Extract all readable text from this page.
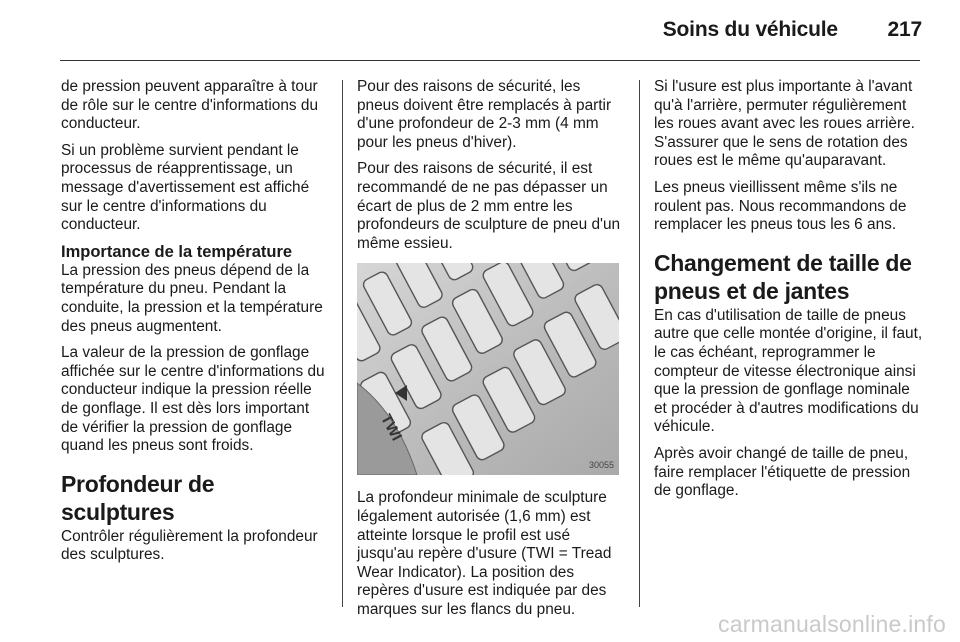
Soins du véhicule 217

de pression peuvent apparaître à tour de rôle sur le centre d'informations du conducteur.

Si un problème survient pendant le processus de réapprentissage, un message d'avertissement est affiché sur le centre d'informations du conducteur.

Importance de la température

La pression des pneus dépend de la température du pneu. Pendant la conduite, la pression et la température des pneus augmentent.

La valeur de la pression de gonflage affichée sur le centre d'informations du conducteur indique la pression réelle de gonflage. Il est dès lors important de vérifier la pression de gonflage quand les pneus sont froids.

Profondeur de sculptures

Contrôler régulièrement la profondeur des sculptures.

Pour des raisons de sécurité, les pneus doivent être remplacés à partir d'une profondeur de 2-3 mm (4 mm pour les pneus d'hiver).

Pour des raisons de sécurité, il est recommandé de ne pas dépasser un écart de plus de 2 mm entre les profondeurs de sculpture de pneu d'un même essieu.

TWI
30055

La profondeur minimale de sculpture légalement autorisée (1,6 mm) est atteinte lorsque le profil est usé jusqu'au repère d'usure (TWI = Tread Wear Indicator). La position des repères d'usure est indiquée par des marques sur les flancs du pneu.

Si l'usure est plus importante à l'avant qu'à l'arrière, permuter régulièrement les roues avant avec les roues arrière. S'assurer que le sens de rotation des roues est le même qu'auparavant.

Les pneus vieillissent même s'ils ne roulent pas. Nous recommandons de remplacer les pneus tous les 6 ans.

Changement de taille de pneus et de jantes

En cas d'utilisation de taille de pneus autre que celle montée d'origine, il faut, le cas échéant, reprogrammer le compteur de vitesse électronique ainsi que la pression de gonflage nominale et procéder à d'autres modifications du véhicule.

Après avoir changé de taille de pneu, faire remplacer l'étiquette de pression de gonflage.

carmanualsonline.info
